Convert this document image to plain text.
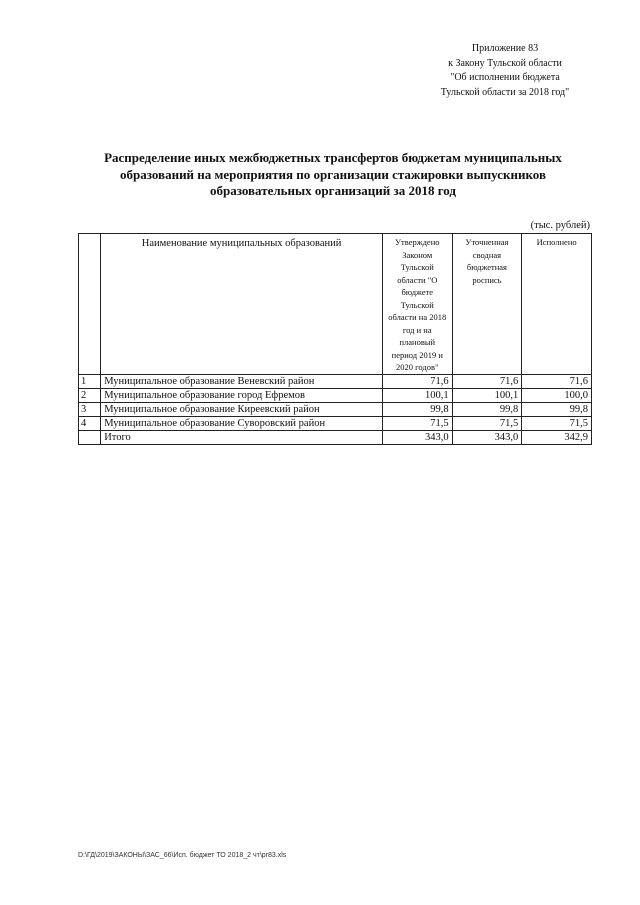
Приложение 83
к Закону Тульской области
"Об исполнении бюджета
Тульской области за 2018 год"
Распределение иных межбюджетных трансфертов бюджетам муниципальных образований на мероприятия по организации стажировки выпускников образовательных организаций за 2018 год
(тыс. рублей)
	Наименование муниципальных образований	Утверждено Законом Тульской области "О бюджете Тульской области на 2018 год и на плановый период 2019 и 2020 годов"	Уточненная сводная бюджетная роспись	Исполнено
1	Муниципальное образование Веневский район	71,6	71,6	71,6
2	Муниципальное образование город Ефремов	100,1	100,1	100,0
3	Муниципальное образование Киреевский район	99,8	99,8	99,8
4	Муниципальное образование Суворовский район	71,5	71,5	71,5
	Итого	343,0	343,0	342,9
D:\ГД\2019\ЗАКОНЫ\ЗАС_66\Исп. бюджет ТО 2018_2 чт\pr83.xls
